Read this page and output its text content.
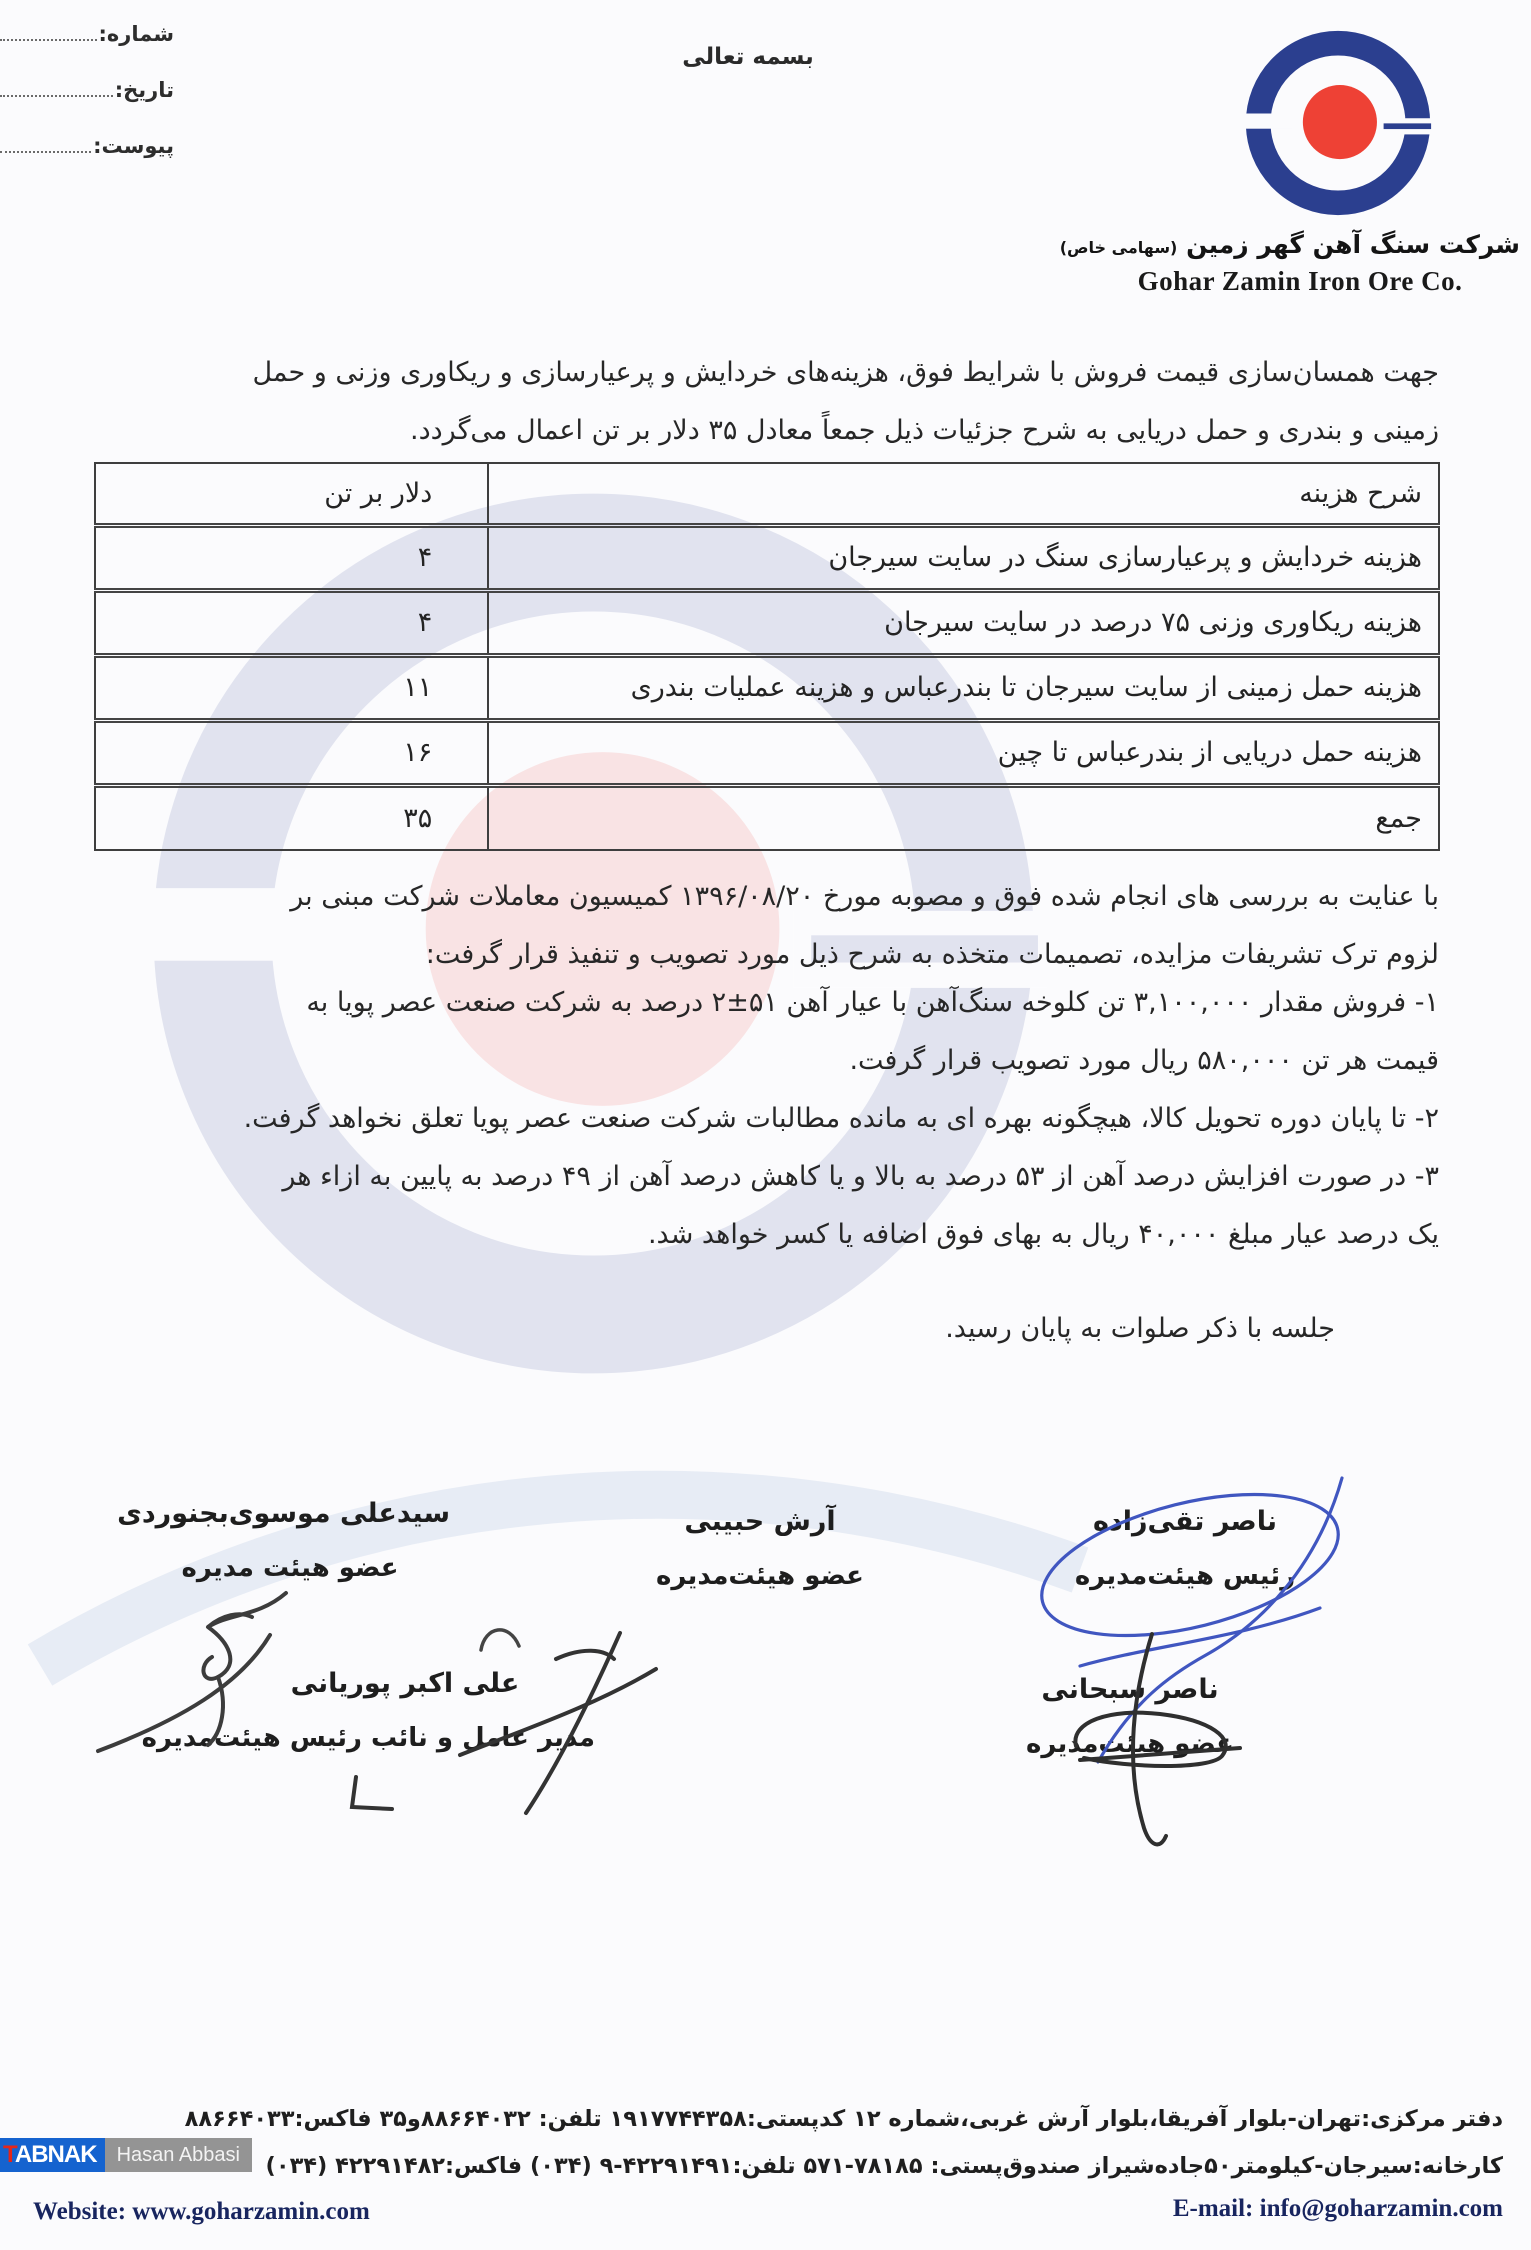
شماره:
تاریخ:
پیوست:
بسمه تعالی
شرکت سنگ آهن گهر زمین (سهامی خاص)
Gohar Zamin Iron Ore Co.
جهت همسان‌سازی قیمت فروش با شرایط فوق، هزینه‌های خردایش و پرعیارسازی و ریکاوری وزنی و حمل
زمینی و بندری و حمل دریایی به شرح جزئیات ذیل جمعاً معادل ۳۵ دلار بر تن اعمال می‌گردد.
شرح هزینه	دلار بر تن
هزینه خردایش و پرعیارسازی سنگ در سایت سیرجان	۴
هزینه ریکاوری وزنی ۷۵ درصد در سایت سیرجان	۴
هزینه حمل زمینی از سایت سیرجان تا بندرعباس و هزینه عملیات بندری	۱۱
هزینه حمل دریایی از بندرعباس تا چین	۱۶
جمع	۳۵
با عنایت به بررسی های انجام شده فوق و مصوبه مورخ ۱۳۹۶/۰۸/۲۰ کمیسیون معاملات شرکت مبنی بر
لزوم ترک تشریفات مزایده، تصمیمات متخذه به شرح ذیل مورد تصویب و تنفیذ قرار گرفت:
۱- فروش مقدار ۳,۱۰۰,۰۰۰ تن کلوخه سنگ‌آهن با عیار آهن ۵۱±۲ درصد به شرکت صنعت عصر پویا به
قیمت هر تن ۵۸۰,۰۰۰ ریال مورد تصویب قرار گرفت.
۲- تا پایان دوره تحویل کالا، هیچگونه بهره ای به مانده مطالبات شرکت صنعت عصر پویا تعلق نخواهد گرفت.
۳- در صورت افزایش درصد آهن از ۵۳ درصد به بالا و یا کاهش درصد آهن از ۴۹ درصد به پایین به ازاء هر
یک درصد عیار مبلغ ۴۰,۰۰۰ ریال به بهای فوق اضافه یا کسر خواهد شد.
جلسه با ذکر صلوات به پایان رسید.
ناصر تقی‌زاده
رئیس هیئت‌مدیره
آرش حبیبی
عضو هیئت‌مدیره
سیدعلی موسوی‌بجنوردی
عضو هیئت مدیره
ناصر سبحانی
عضو هیئت‌مدیره
علی اکبر پوریانی
مدیر عامل و نائب رئیس هیئت‌مدیره
دفتر مرکزی:تهران-بلوار آفریقا،بلوار آرش غربی،شماره ۱۲ کدپستی:۱۹۱۷۷۴۴۳۵۸ تلفن: ۸۸۶۶۴۰۳۲و۳۵ فاکس:۸۸۶۶۴۰۳۳
کارخانه:سیرجان-کیلومتر۵۰جاده‌شیراز صندوق‌پستی: ۷۸۱۸۵-۵۷۱ تلفن:۴۲۲۹۱۴۹۱-۹ (۰۳۴) فاکس:۴۲۲۹۱۴۸۲ (۰۳۴)
Website: www.goharzamin.com	E-mail: info@goharzamin.com
TABNAK	Hasan Abbasi
